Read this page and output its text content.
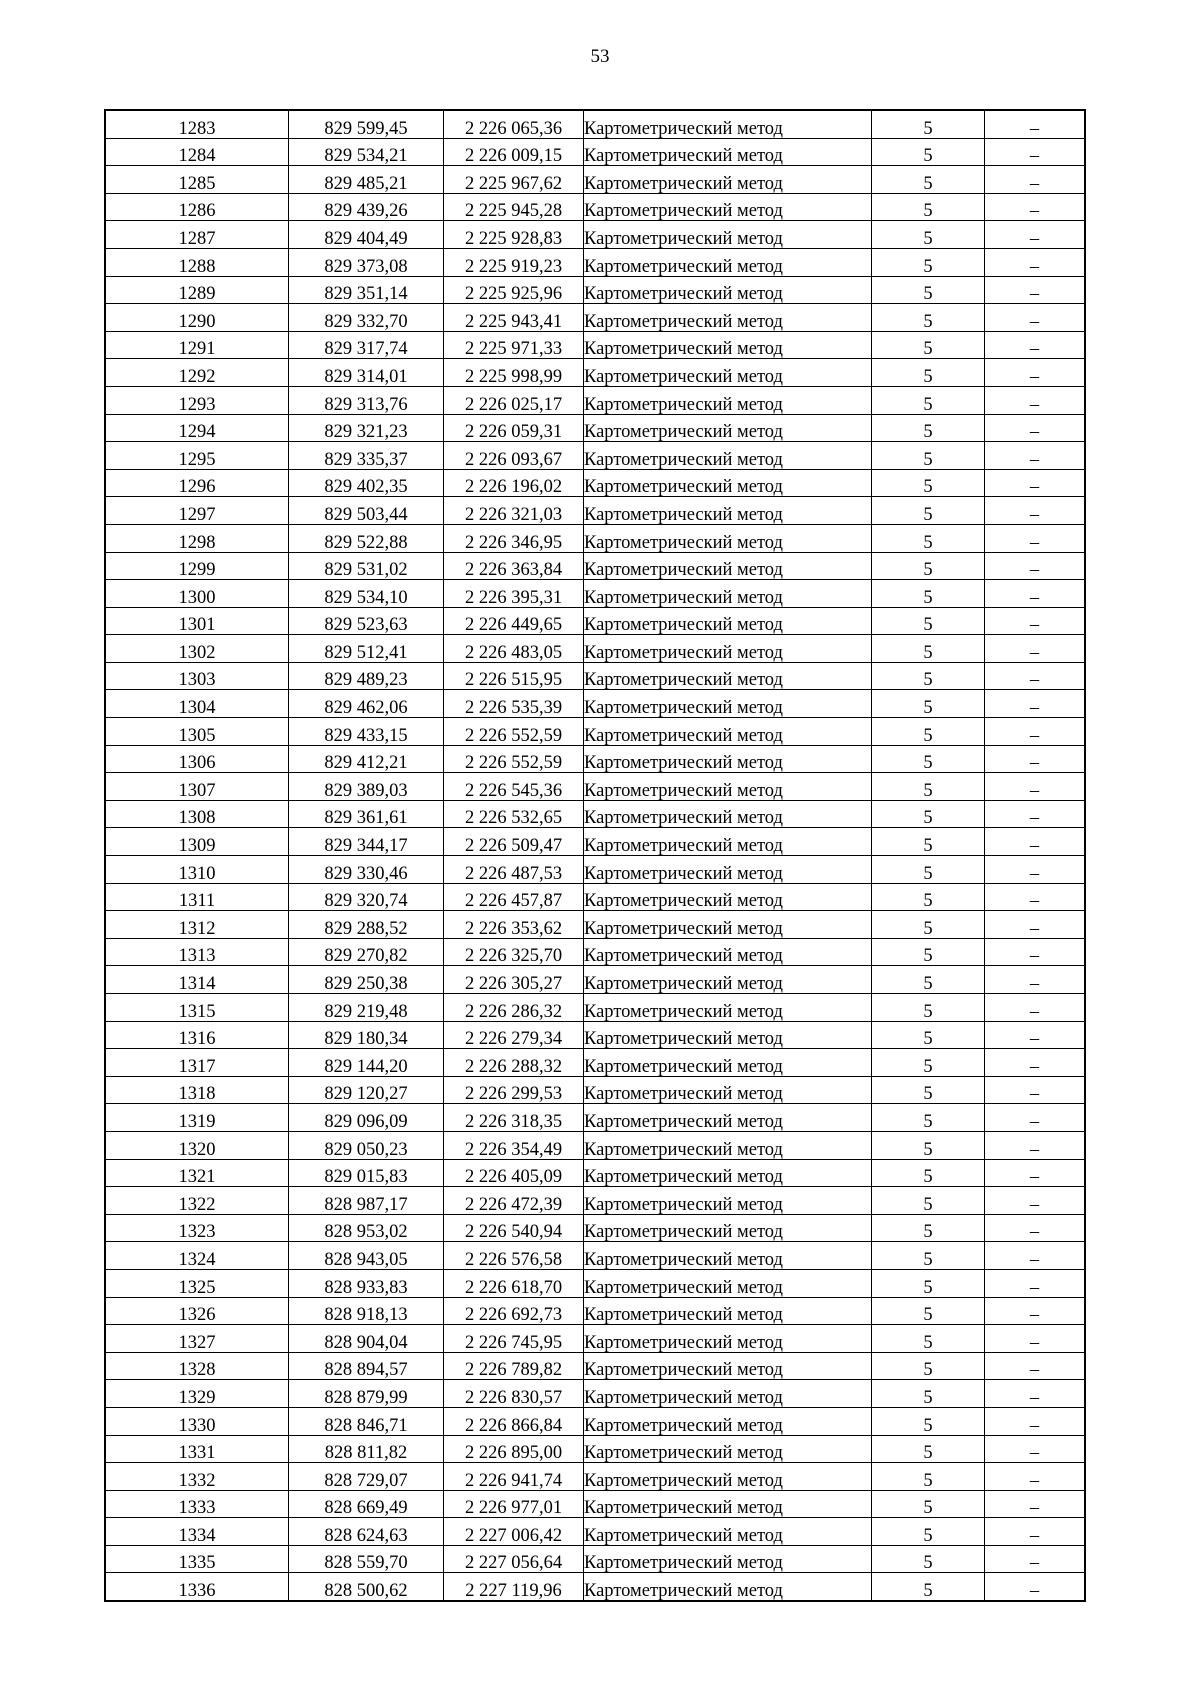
53
1283	829 599,45	2 226 065,36	Картометрический метод	5	–
1284	829 534,21	2 226 009,15	Картометрический метод	5	–
1285	829 485,21	2 225 967,62	Картометрический метод	5	–
1286	829 439,26	2 225 945,28	Картометрический метод	5	–
1287	829 404,49	2 225 928,83	Картометрический метод	5	–
1288	829 373,08	2 225 919,23	Картометрический метод	5	–
1289	829 351,14	2 225 925,96	Картометрический метод	5	–
1290	829 332,70	2 225 943,41	Картометрический метод	5	–
1291	829 317,74	2 225 971,33	Картометрический метод	5	–
1292	829 314,01	2 225 998,99	Картометрический метод	5	–
1293	829 313,76	2 226 025,17	Картометрический метод	5	–
1294	829 321,23	2 226 059,31	Картометрический метод	5	–
1295	829 335,37	2 226 093,67	Картометрический метод	5	–
1296	829 402,35	2 226 196,02	Картометрический метод	5	–
1297	829 503,44	2 226 321,03	Картометрический метод	5	–
1298	829 522,88	2 226 346,95	Картометрический метод	5	–
1299	829 531,02	2 226 363,84	Картометрический метод	5	–
1300	829 534,10	2 226 395,31	Картометрический метод	5	–
1301	829 523,63	2 226 449,65	Картометрический метод	5	–
1302	829 512,41	2 226 483,05	Картометрический метод	5	–
1303	829 489,23	2 226 515,95	Картометрический метод	5	–
1304	829 462,06	2 226 535,39	Картометрический метод	5	–
1305	829 433,15	2 226 552,59	Картометрический метод	5	–
1306	829 412,21	2 226 552,59	Картометрический метод	5	–
1307	829 389,03	2 226 545,36	Картометрический метод	5	–
1308	829 361,61	2 226 532,65	Картометрический метод	5	–
1309	829 344,17	2 226 509,47	Картометрический метод	5	–
1310	829 330,46	2 226 487,53	Картометрический метод	5	–
1311	829 320,74	2 226 457,87	Картометрический метод	5	–
1312	829 288,52	2 226 353,62	Картометрический метод	5	–
1313	829 270,82	2 226 325,70	Картометрический метод	5	–
1314	829 250,38	2 226 305,27	Картометрический метод	5	–
1315	829 219,48	2 226 286,32	Картометрический метод	5	–
1316	829 180,34	2 226 279,34	Картометрический метод	5	–
1317	829 144,20	2 226 288,32	Картометрический метод	5	–
1318	829 120,27	2 226 299,53	Картометрический метод	5	–
1319	829 096,09	2 226 318,35	Картометрический метод	5	–
1320	829 050,23	2 226 354,49	Картометрический метод	5	–
1321	829 015,83	2 226 405,09	Картометрический метод	5	–
1322	828 987,17	2 226 472,39	Картометрический метод	5	–
1323	828 953,02	2 226 540,94	Картометрический метод	5	–
1324	828 943,05	2 226 576,58	Картометрический метод	5	–
1325	828 933,83	2 226 618,70	Картометрический метод	5	–
1326	828 918,13	2 226 692,73	Картометрический метод	5	–
1327	828 904,04	2 226 745,95	Картометрический метод	5	–
1328	828 894,57	2 226 789,82	Картометрический метод	5	–
1329	828 879,99	2 226 830,57	Картометрический метод	5	–
1330	828 846,71	2 226 866,84	Картометрический метод	5	–
1331	828 811,82	2 226 895,00	Картометрический метод	5	–
1332	828 729,07	2 226 941,74	Картометрический метод	5	–
1333	828 669,49	2 226 977,01	Картометрический метод	5	–
1334	828 624,63	2 227 006,42	Картометрический метод	5	–
1335	828 559,70	2 227 056,64	Картометрический метод	5	–
1336	828 500,62	2 227 119,96	Картометрический метод	5	–
